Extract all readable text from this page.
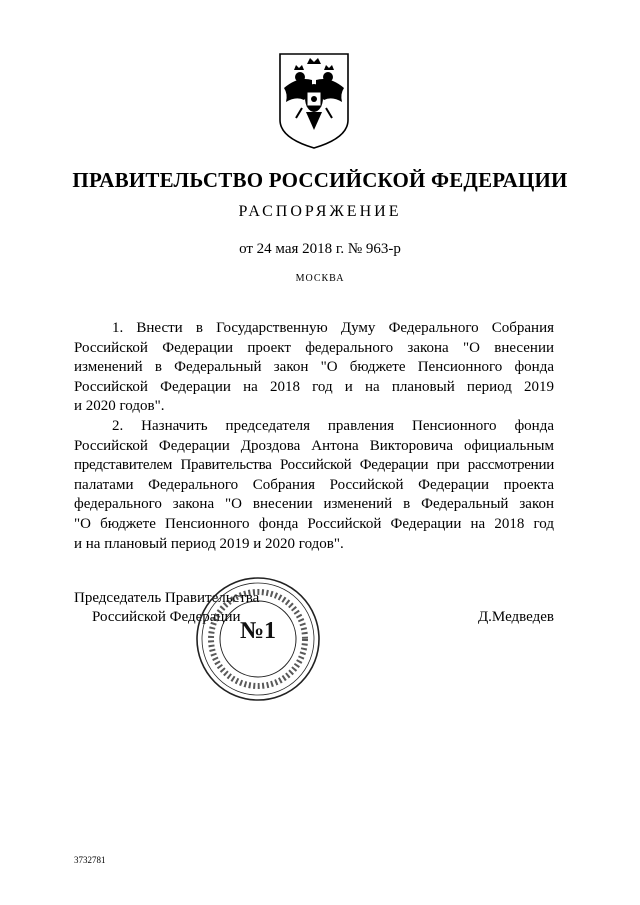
ПРАВИТЕЛЬСТВО РОССИЙСКОЙ ФЕДЕРАЦИИ
РАСПОРЯЖЕНИЕ
от 24 мая 2018 г. № 963-р
МОСКВА
1. Внести в Государственную Думу Федерального Собрания
Российской Федерации проект федерального закона "О внесении
изменений в Федеральный закон "О бюджете Пенсионного фонда
Российской Федерации на 2018 год и на плановый период 2019
и 2020 годов".
2. Назначить председателя правления Пенсионного фонда
Российской Федерации Дроздова Антона Викторовича официальным
представителем Правительства Российской Федерации при рассмотрении
палатами Федерального Собрания Российской Федерации проекта
федерального закона "О внесении изменений в Федеральный закон
"О бюджете Пенсионного фонда Российской Федерации на 2018 год
и на плановый период 2019 и 2020 годов".
Председатель Правительства
Российской Федерации	Д.Медведев
№1
3732781
